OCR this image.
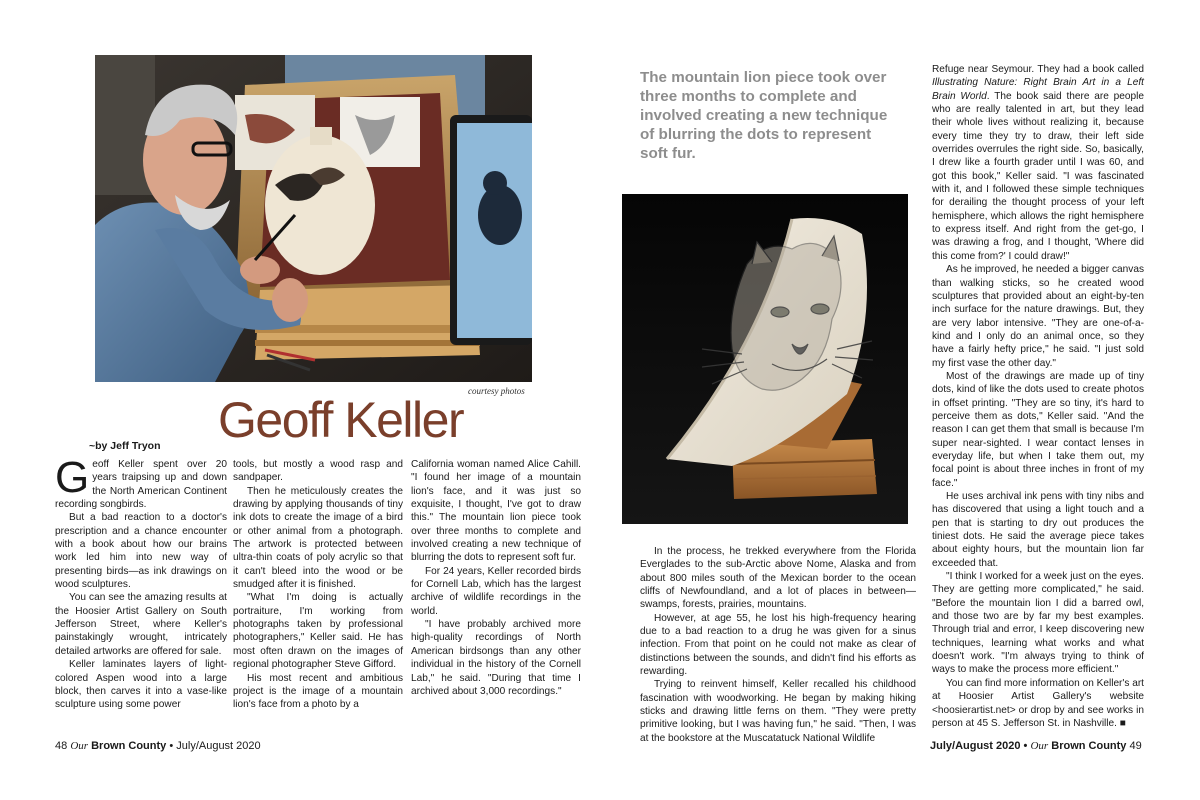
courtesy photos
Geoff Keller
~by Jeff Tryon

Geoff Keller spent over 20 years traipsing up and down the North American Continent recording songbirds.

But a bad reaction to a doctor's prescription and a chance encounter with a book about how our brains work led him into new way of presenting birds—as ink drawings on wood sculptures.

You can see the amazing results at the Hoosier Artist Gallery on South Jefferson Street, where Keller's painstakingly wrought, intricately detailed artworks are offered for sale.

Keller laminates layers of light-colored Aspen wood into a large block, then carves it into a vase-like sculpture using some power

tools, but mostly a wood rasp and sandpaper.

Then he meticulously creates the drawing by applying thousands of tiny ink dots to create the image of a bird or other animal from a photograph. The artwork is protected between ultra-thin coats of poly acrylic so that it can't bleed into the wood or be smudged after it is finished.

"What I'm doing is actually portraiture, I'm working from photographs taken by professional photographers," Keller said. He has most often drawn on the images of regional photographer Steve Gifford.

His most recent and ambitious project is the image of a mountain lion's face from a photo by a

California woman named Alice Cahill. "I found her image of a mountain lion's face, and it was just so exquisite, I thought, I've got to draw this." The mountain lion piece took over three months to complete and involved creating a new technique of blurring the dots to represent soft fur.

For 24 years, Keller recorded birds for Cornell Lab, which has the largest archive of wildlife recordings in the world.

"I have probably archived more high-quality recordings of North American birdsongs than any other individual in the history of the Cornell Lab," he said. "During that time I archived about 3,000 recordings."

48 Our Brown County • July/August 2020
The mountain lion piece took over three months to complete and involved creating a new technique of blurring the dots to represent soft fur.

In the process, he trekked everywhere from the Florida Everglades to the sub-Arctic above Nome, Alaska and from about 800 miles south of the Mexican border to the ocean cliffs of Newfoundland, and a lot of places in between—swamps, forests, prairies, mountains.

However, at age 55, he lost his high-frequency hearing due to a bad reaction to a drug he was given for a sinus infection. From that point on he could not make as clear of distinctions between the sounds, and didn't find his efforts as rewarding.

Trying to reinvent himself, Keller recalled his childhood fascination with woodworking. He began by making hiking sticks and drawing little ferns on them. "They were pretty primitive looking, but I was having fun," he said. "Then, I was at the bookstore at the Muscatatuck National Wildlife

Refuge near Seymour. They had a book called Illustrating Nature: Right Brain Art in a Left Brain World. The book said there are people who are really talented in art, but they lead their whole lives without realizing it, because every time they try to draw, their left side overrides overrules the right side. So, basically, I drew like a fourth grader until I was 60, and got this book," Keller said. "I was fascinated with it, and I followed these simple techniques for derailing the thought process of your left hemisphere, which allows the right hemisphere to express itself. And right from the get-go, I was drawing a frog, and I thought, 'Where did this come from?' I could draw!"

As he improved, he needed a bigger canvas than walking sticks, so he created wood sculptures that provided about an eight-by-ten inch surface for the nature drawings. But, they are very labor intensive. "They are one-of-a-kind and I only do an animal once, so they have a fairly hefty price," he said. "I just sold my first vase the other day."

Most of the drawings are made up of tiny dots, kind of like the dots used to create photos in offset printing. "They are so tiny, it's hard to perceive them as dots," Keller said. "And the reason I can get them that small is because I'm super near-sighted. I wear contact lenses in everyday life, but when I take them out, my focal point is about three inches in front of my face."

He uses archival ink pens with tiny nibs and has discovered that using a light touch and a pen that is starting to dry out produces the tiniest dots. He said the average piece takes about eighty hours, but the mountain lion far exceeded that.

"I think I worked for a week just on the eyes. They are getting more complicated," he said. "Before the mountain lion I did a barred owl, and those two are by far my best examples. Through trial and error, I keep discovering new techniques, learning what works and what doesn't work. "I'm always trying to think of ways to make the process more efficient."

You can find more information on Keller's art at Hoosier Artist Gallery's website <hoosierartist.net> or drop by and see works in person at 45 S. Jefferson St. in Nashville. ■

July/August 2020 • Our Brown County 49
